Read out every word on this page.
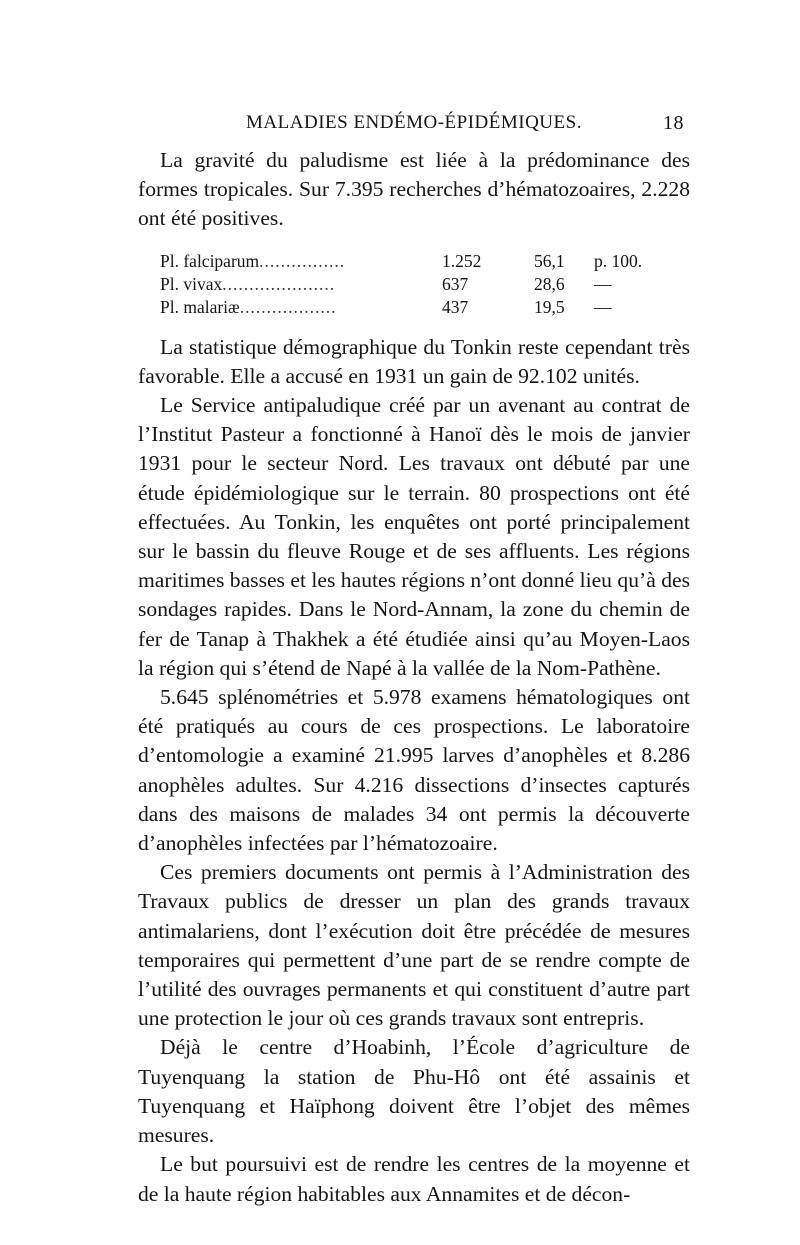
MALADIES ENDÉMO-ÉPIDÉMIQUES.	18

La gravité du paludisme est liée à la prédominance des formes tropicales. Sur 7.395 recherches d’hématozoaires, 2.228 ont été positives.

Pl. falciparum................	1.252	56,1	p. 100.
Pl. vivax.....................	637	28,6	—
Pl. malariæ..................	437	19,5	—

La statistique démographique du Tonkin reste cependant très favorable. Elle a accusé en 1931 un gain de 92.102 unités.

Le Service antipaludique créé par un avenant au contrat de l’Institut Pasteur a fonctionné à Hanoï dès le mois de janvier 1931 pour le secteur Nord. Les travaux ont débuté par une étude épidémiologique sur le terrain. 80 prospections ont été effectuées. Au Tonkin, les enquêtes ont porté principalement sur le bassin du fleuve Rouge et de ses affluents. Les régions maritimes basses et les hautes régions n’ont donné lieu qu’à des sondages rapides. Dans le Nord-Annam, la zone du chemin de fer de Tanap à Thakhek a été étudiée ainsi qu’au Moyen-Laos la région qui s’étend de Napé à la vallée de la Nom-Pathène.

5.645 splénométries et 5.978 examens hématologiques ont été pratiqués au cours de ces prospections. Le laboratoire d’entomologie a examiné 21.995 larves d’anophèles et 8.286 anophèles adultes. Sur 4.216 dissections d’insectes capturés dans des maisons de malades 34 ont permis la découverte d’anophèles infectées par l’hématozoaire.

Ces premiers documents ont permis à l’Administration des Travaux publics de dresser un plan des grands travaux antimalariens, dont l’exécution doit être précédée de mesures temporaires qui permettent d’une part de se rendre compte de l’utilité des ouvrages permanents et qui constituent d’autre part une protection le jour où ces grands travaux sont entrepris.

Déjà le centre d’Hoabinh, l’École d’agriculture de Tuyenquang la station de Phu-Hô ont été assainis et Tuyenquang et Haïphong doivent être l’objet des mêmes mesures.

Le but poursuivi est de rendre les centres de la moyenne et de la haute région habitables aux Annamites et de décon-
